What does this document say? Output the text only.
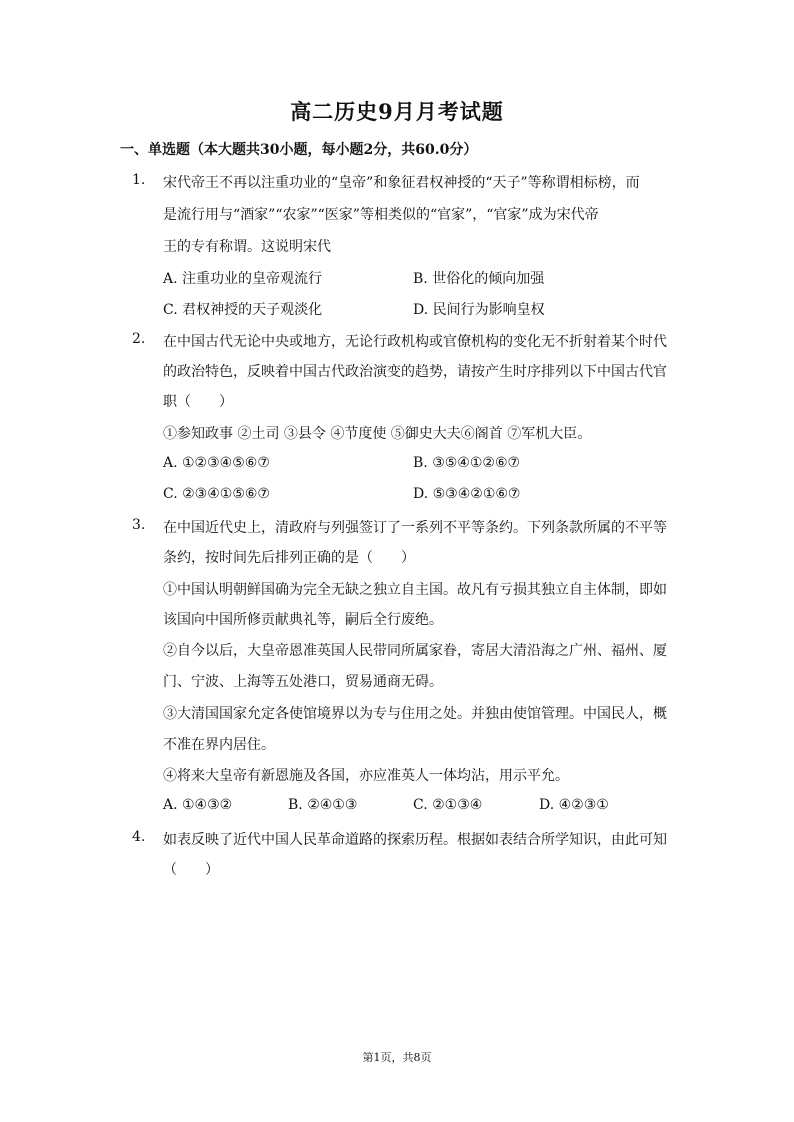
高二历史9月月考试题
一、单选题（本大题共30小题，每小题2分，共60.0分）
1. 宋代帝王不再以注重功业的“皇帝”和象征君权神授的“天子”等称谓相标榜，而
是流行用与“酒家”“农家”“医家”等相类似的“官家”，“官家”成为宋代帝
王的专有称谓。这说明宋代
A. 注重功业的皇帝观流行	B. 世俗化的倾向加强
C. 君权神授的天子观淡化	D. 民间行为影响皇权
2. 在中国古代无论中央或地方，无论行政机构或官僚机构的变化无不折射着某个时代
的政治特色，反映着中国古代政治演变的趋势，请按产生时序排列以下中国古代官
职（　　）
①参知政事 ②土司 ③县令 ④节度使 ⑤御史大夫⑥阁首 ⑦军机大臣。
A. ①②③④⑤⑥⑦	B. ③⑤④①②⑥⑦
C. ②③④①⑤⑥⑦	D. ⑤③④②①⑥⑦
3. 在中国近代史上，清政府与列强签订了一系列不平等条约。下列条款所属的不平等
条约，按时间先后排列正确的是（　　）
①中国认明朝鲜国确为完全无缺之独立自主国。故凡有亏损其独立自主体制，即如
该国向中国所修贡献典礼等，嗣后全行废绝。
②自今以后，大皇帝恩准英国人民带同所属家眷，寄居大清沿海之广州、福州、厦
门、宁波、上海等五处港口，贸易通商无碍。
③大清国国家允定各使馆境界以为专与住用之处。并独由使馆管理。中国民人，概
不准在界内居住。
④将来大皇帝有新恩施及各国，亦应准英人一体均沾，用示平允。
A. ①④③②	B. ②④①③	C. ②①③④	D. ④②③①
4. 如表反映了近代中国人民革命道路的探索历程。根据如表结合所学知识，由此可知
（　　）
第1页，共8页
